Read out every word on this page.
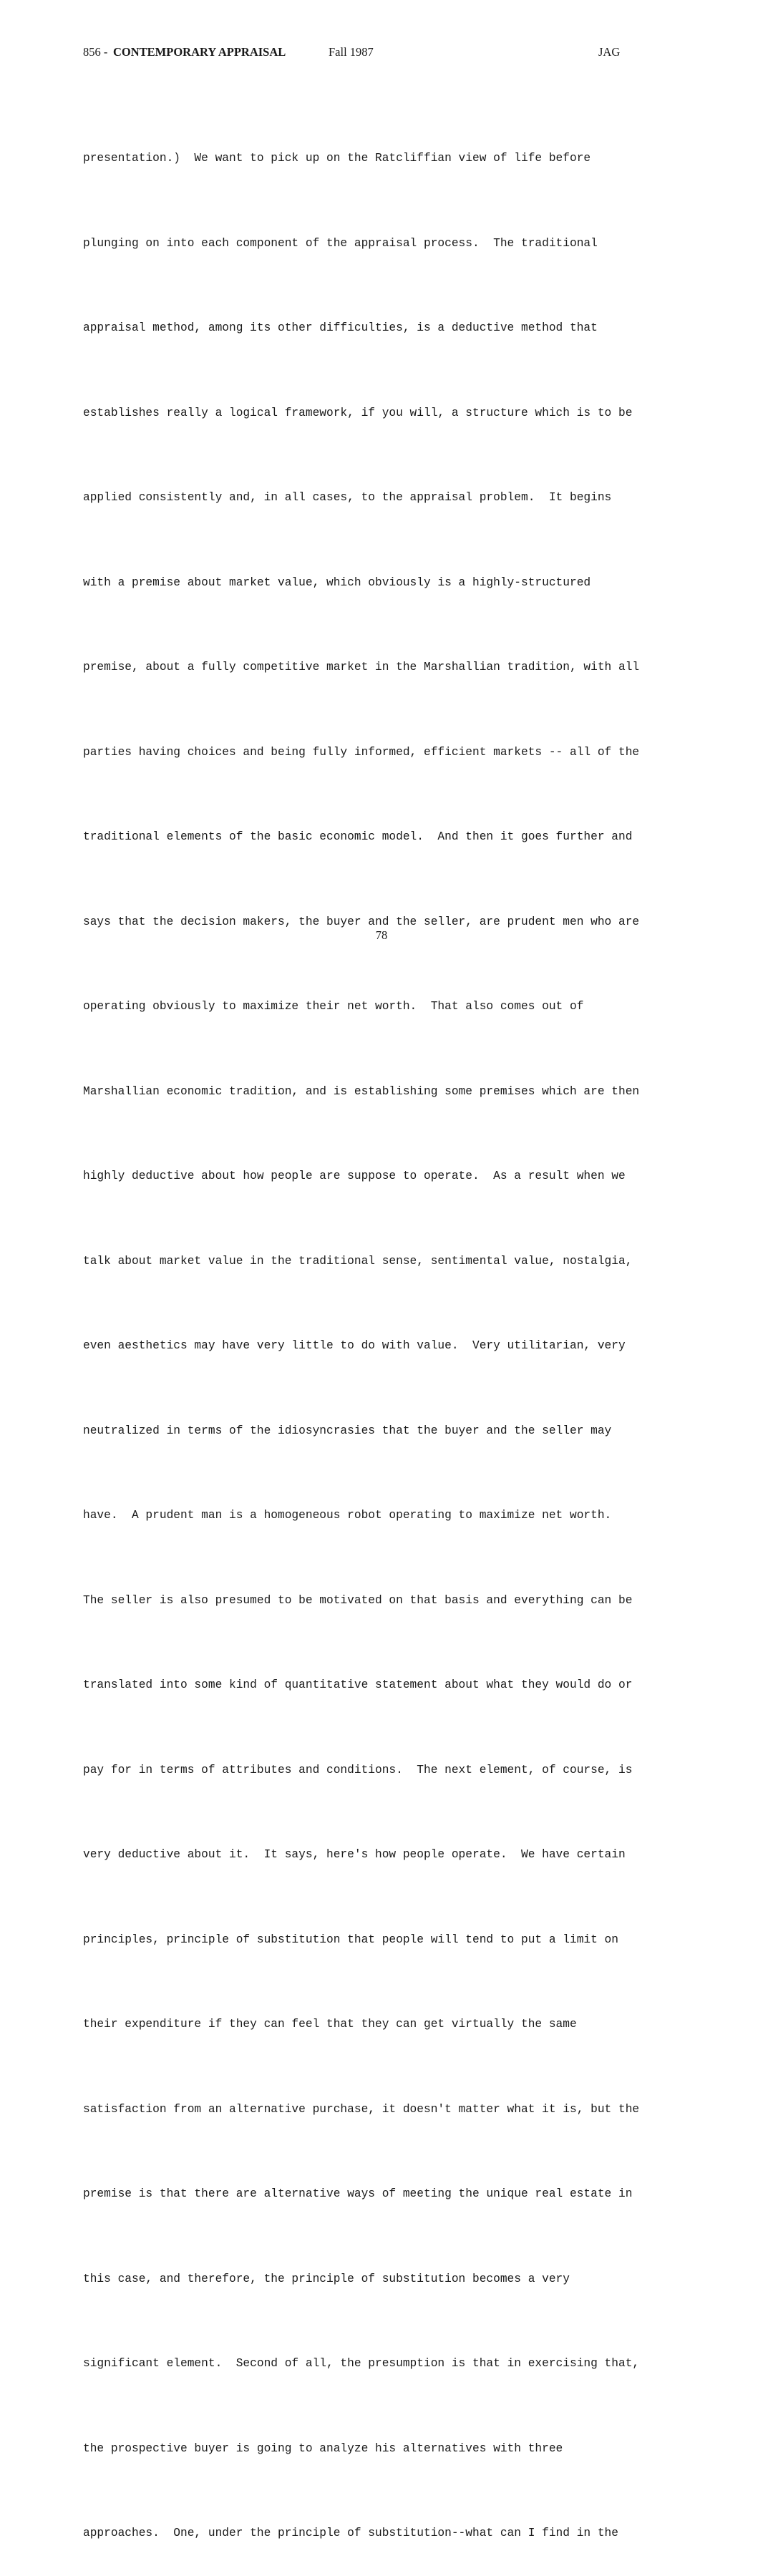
856 - CONTEMPORARY APPRAISAL	Fall 1987	JAG

presentation.)  We want to pick up on the Ratcliffian view of life before

plunging on into each component of the appraisal process.  The traditional

appraisal method, among its other difficulties, is a deductive method that

establishes really a logical framework, if you will, a structure which is to be

applied consistently and, in all cases, to the appraisal problem.  It begins

with a premise about market value, which obviously is a highly-structured

premise, about a fully competitive market in the Marshallian tradition, with all

parties having choices and being fully informed, efficient markets -- all of the

traditional elements of the basic economic model.  And then it goes further and

says that the decision makers, the buyer and the seller, are prudent men who are

operating obviously to maximize their net worth.  That also comes out of

Marshallian economic tradition, and is establishing some premises which are then

highly deductive about how people are suppose to operate.  As a result when we

talk about market value in the traditional sense, sentimental value, nostalgia,

even aesthetics may have very little to do with value.  Very utilitarian, very

neutralized in terms of the idiosyncrasies that the buyer and the seller may

have.  A prudent man is a homogeneous robot operating to maximize net worth.

The seller is also presumed to be motivated on that basis and everything can be

translated into some kind of quantitative statement about what they would do or

pay for in terms of attributes and conditions.  The next element, of course, is

very deductive about it.  It says, here's how people operate.  We have certain

principles, principle of substitution that people will tend to put a limit on

their expenditure if they can feel that they can get virtually the same

satisfaction from an alternative purchase, it doesn't matter what it is, but the

premise is that there are alternative ways of meeting the unique real estate in

this case, and therefore, the principle of substitution becomes a very

significant element.  Second of all, the presumption is that in exercising that,

the prospective buyer is going to analyze his alternatives with three

approaches.  One, under the principle of substitution--what can I find in the

78
